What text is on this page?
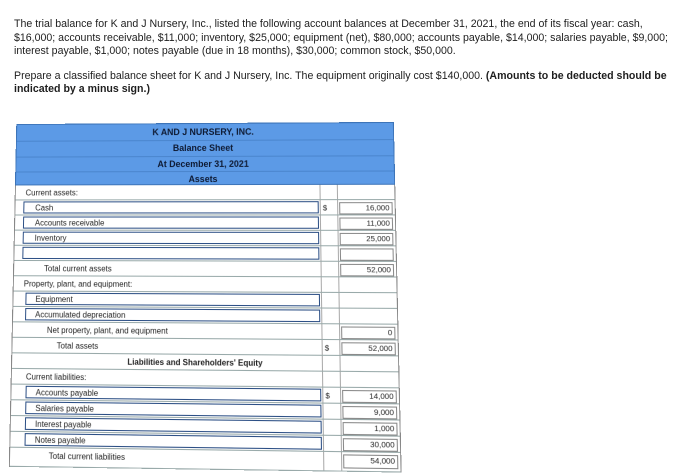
The trial balance for K and J Nursery, Inc., listed the following account balances at December 31, 2021, the end of its fiscal year: cash, $16,000; accounts receivable, $11,000; inventory, $25,000; equipment (net), $80,000; accounts payable, $14,000; salaries payable, $9,000; interest payable, $1,000; notes payable (due in 18 months), $30,000; common stock, $50,000.

Prepare a classified balance sheet for K and J Nursery, Inc. The equipment originally cost $140,000. (Amounts to be deducted should be indicated by a minus sign.)

K AND J NURSERY, INC.
Balance Sheet
At December 31, 2021
Assets
Current assets:
Cash	$	16,000
Accounts receivable	11,000
Inventory	25,000
Total current assets	52,000
Property, plant, and equipment:
Equipment
Accumulated depreciation
Net property, plant, and equipment	0
Total assets	$	52,000
Liabilities and Shareholders' Equity
Current liabilities:
Accounts payable	$	14,000
Salaries payable	9,000
Interest payable	1,000
Notes payable	30,000
Total current liabilities	54,000
